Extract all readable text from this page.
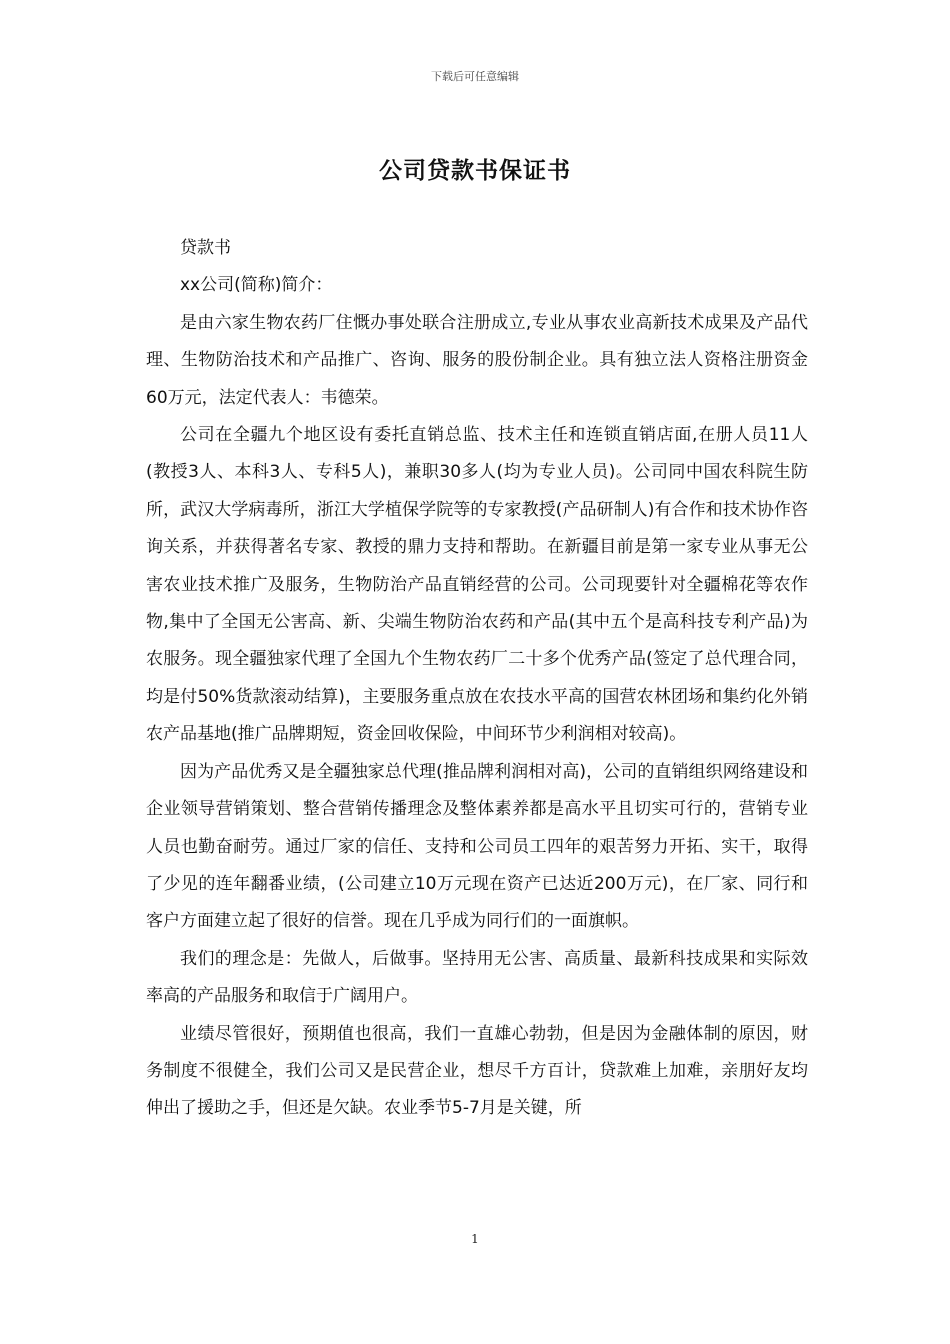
下载后可任意编辑
公司贷款书保证书

贷款书

xx公司(简称)简介：

是由六家生物农药厂住慨办事处联合注册成立,专业从事农业高新技术成果及产品代理、生物防治技术和产品推广、咨询、服务的股份制企业。具有独立法人资格注册资金60万元，法定代表人：韦德荣。

公司在全疆九个地区设有委托直销总监、技术主任和连锁直销店面,在册人员11人(教授3人、本科3人、专科5人)，兼职30多人(均为专业人员)。公司同中国农科院生防所，武汉大学病毒所，浙江大学植保学院等的专家教授(产品研制人)有合作和技术协作咨询关系，并获得著名专家、教授的鼎力支持和帮助。在新疆目前是第一家专业从事无公害农业技术推广及服务，生物防治产品直销经营的公司。公司现要针对全疆棉花等农作物,集中了全国无公害高、新、尖端生物防治农药和产品(其中五个是高科技专利产品)为农服务。现全疆独家代理了全国九个生物农药厂二十多个优秀产品(签定了总代理合同，均是付50%货款滚动结算)，主要服务重点放在农技水平高的国营农林团场和集约化外销农产品基地(推广品牌期短，资金回收保险，中间环节少利润相对较高)。

因为产品优秀又是全疆独家总代理(推品牌利润相对高)，公司的直销组织网络建设和企业领导营销策划、整合营销传播理念及整体素养都是高水平且切实可行的，营销专业人员也勤奋耐劳。通过厂家的信任、支持和公司员工四年的艰苦努力开拓、实干，取得了少见的连年翻番业绩，(公司建立10万元现在资产已达近200万元)，在厂家、同行和客户方面建立起了很好的信誉。现在几乎成为同行们的一面旗帜。

我们的理念是：先做人，后做事。坚持用无公害、高质量、最新科技成果和实际效率高的产品服务和取信于广阔用户。

业绩尽管很好，预期值也很高，我们一直雄心勃勃，但是因为金融体制的原因，财务制度不很健全，我们公司又是民营企业，想尽千方百计，贷款难上加难，亲朋好友均伸出了援助之手，但还是欠缺。农业季节5-7月是关键，所

1
